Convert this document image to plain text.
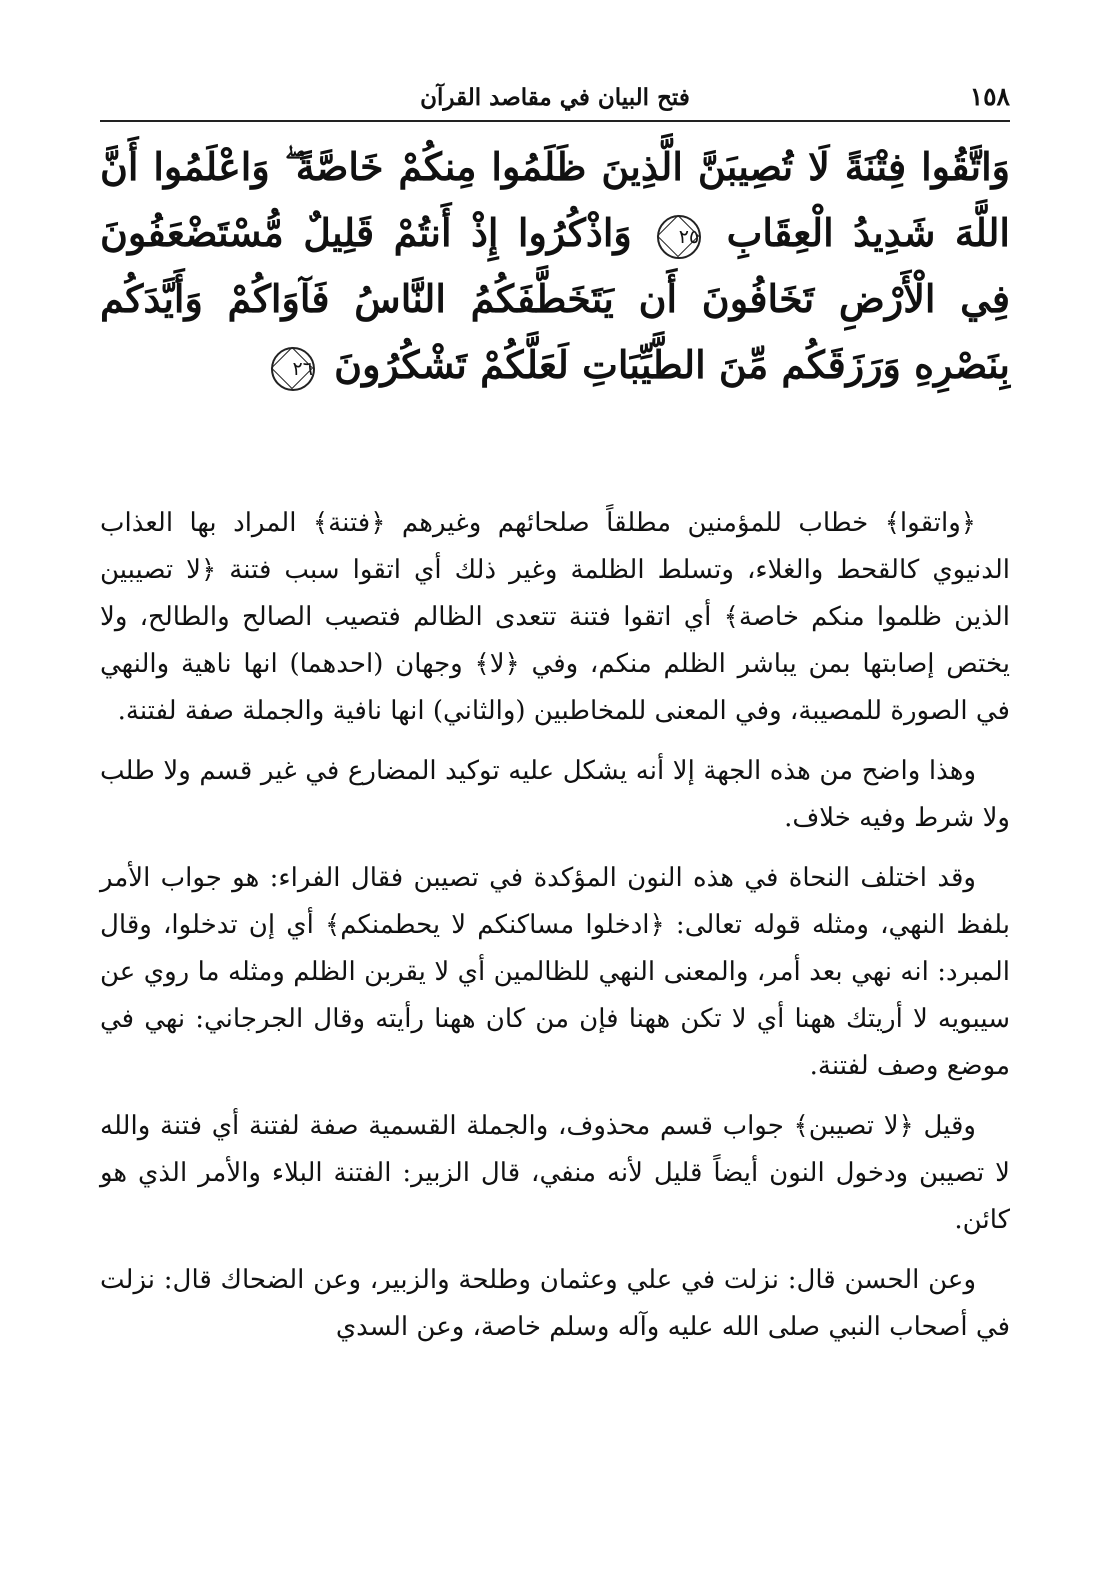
١٥٨
فتح البيان في مقاصد القرآن
وَاتَّقُوا فِتْنَةً لَا تُصِيبَنَّ الَّذِينَ ظَلَمُوا مِنكُمْ خَاصَّةً ۖ وَاعْلَمُوا أَنَّ اللَّهَ شَدِيدُ الْعِقَابِ ٢٥ وَاذْكُرُوا إِذْ أَنتُمْ قَلِيلٌ مُّسْتَضْعَفُونَ فِي الْأَرْضِ تَخَافُونَ أَن يَتَخَطَّفَكُمُ النَّاسُ فَآوَاكُمْ وَأَيَّدَكُم بِنَصْرِهِ وَرَزَقَكُم مِّنَ الطَّيِّبَاتِ لَعَلَّكُمْ تَشْكُرُونَ ٢٦

﴿واتقوا﴾ خطاب للمؤمنين مطلقاً صلحائهم وغيرهم ﴿فتنة﴾ المراد بها العذاب الدنيوي كالقحط والغلاء، وتسلط الظلمة وغير ذلك أي اتقوا سبب فتنة ﴿لا تصيبين الذين ظلموا منكم خاصة﴾ أي اتقوا فتنة تتعدى الظالم فتصيب الصالح والطالح، ولا يختص إصابتها بمن يباشر الظلم منكم، وفي ﴿لا﴾ وجهان (احدهما) انها ناهية والنهي في الصورة للمصيبة، وفي المعنى للمخاطبين (والثاني) انها نافية والجملة صفة لفتنة.

وهذا واضح من هذه الجهة إلا أنه يشكل عليه توكيد المضارع في غير قسم ولا طلب ولا شرط وفيه خلاف.

وقد اختلف النحاة في هذه النون المؤكدة في تصيبن فقال الفراء: هو جواب الأمر بلفظ النهي، ومثله قوله تعالى: ﴿ادخلوا مساكنكم لا يحطمنكم﴾ أي إن تدخلوا، وقال المبرد: انه نهي بعد أمر، والمعنى النهي للظالمين أي لا يقربن الظلم ومثله ما روي عن سيبويه لا أريتك ههنا أي لا تكن ههنا فإن من كان ههنا رأيته وقال الجرجاني: نهي في موضع وصف لفتنة.

وقيل ﴿لا تصيبن﴾ جواب قسم محذوف، والجملة القسمية صفة لفتنة أي فتنة والله لا تصيبن ودخول النون أيضاً قليل لأنه منفي، قال الزبير: الفتنة البلاء والأمر الذي هو كائن.

وعن الحسن قال: نزلت في علي وعثمان وطلحة والزبير، وعن الضحاك قال: نزلت في أصحاب النبي صلى الله عليه وآله وسلم خاصة، وعن السدي
